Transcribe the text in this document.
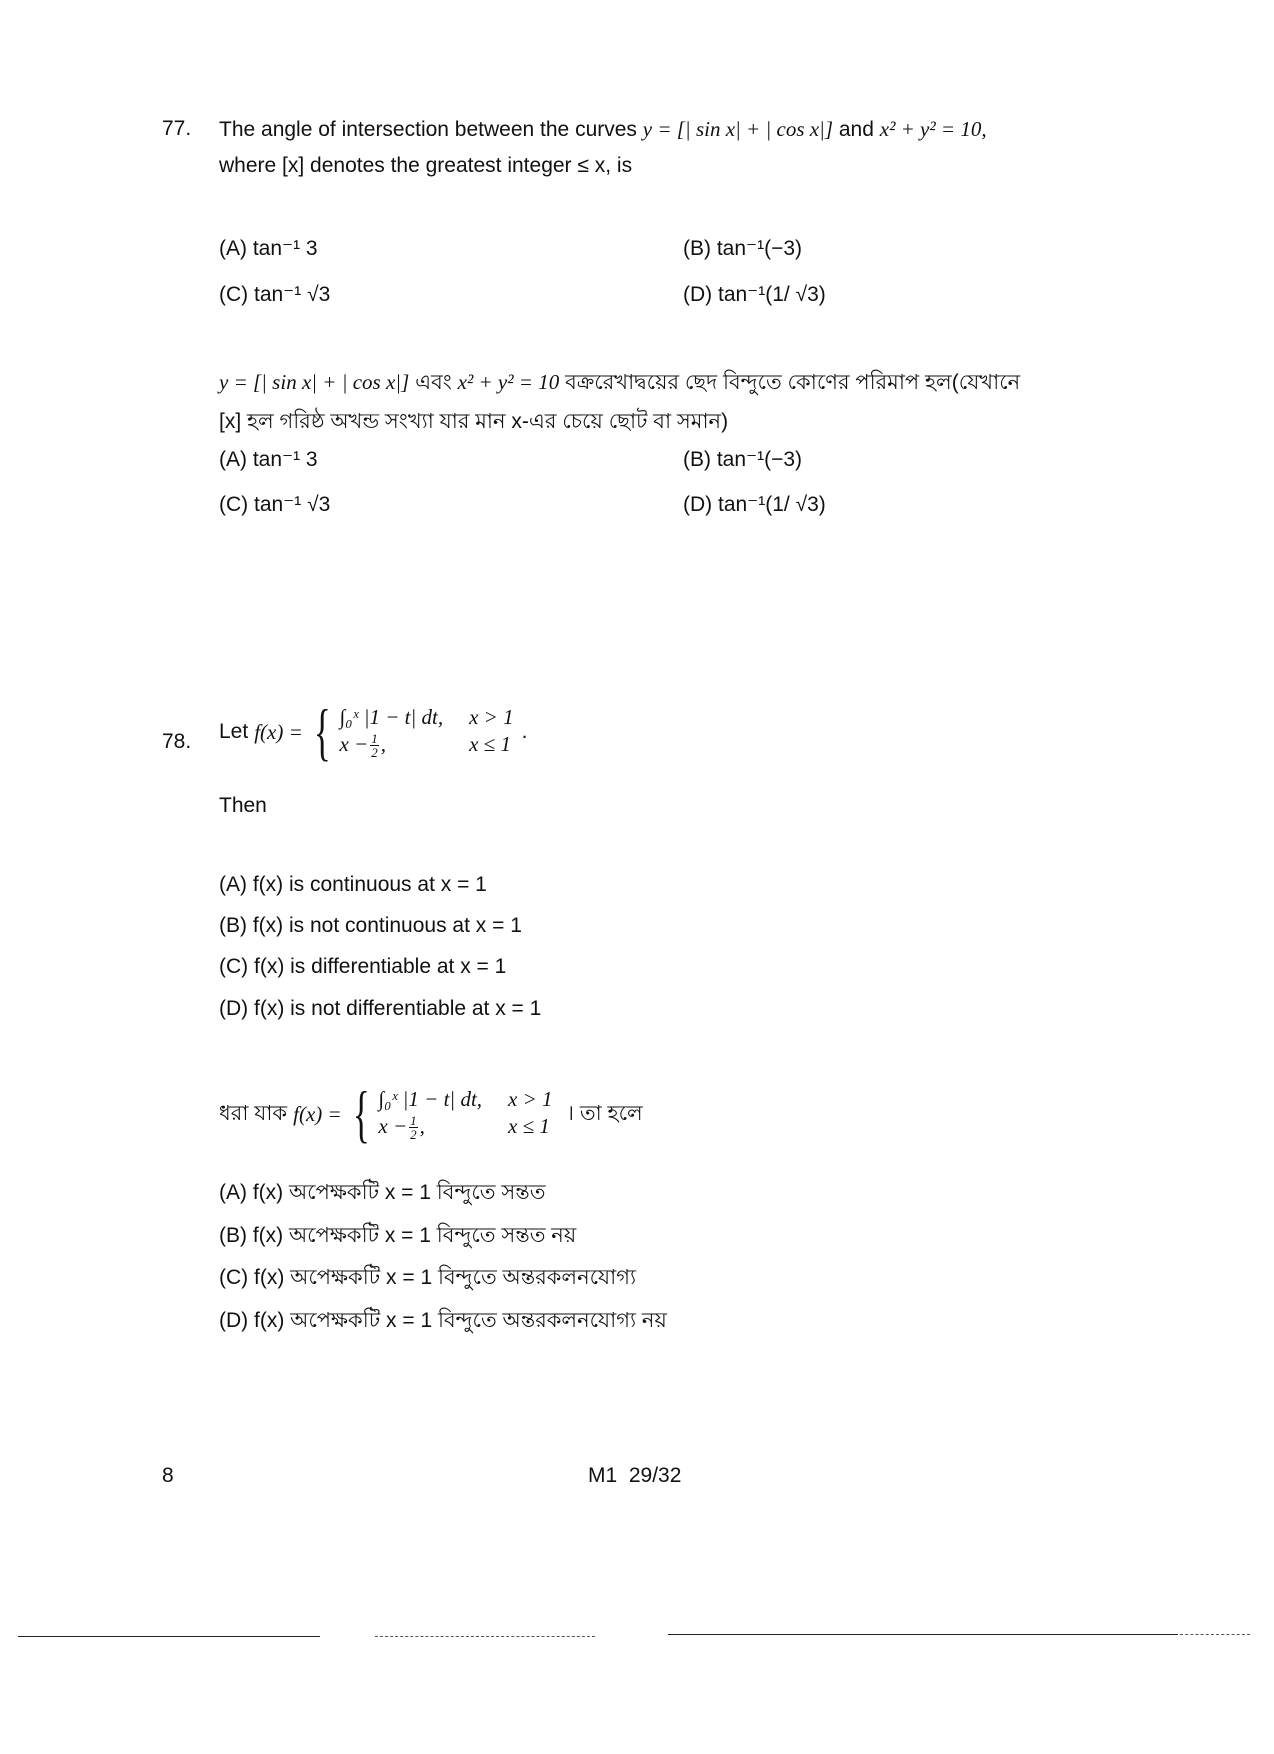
77. The angle of intersection between the curves y = [| sin x| + | cos x|] and x² + y² = 10,
where [x] denotes the greatest integer ≤ x, is
(A) tan⁻¹ 3	(B) tan⁻¹(−3)
(C) tan⁻¹ √3	(D) tan⁻¹(1/ √3)
y = [| sin x| + | cos x|] এবং x² + y² = 10 বক্ররেখাদ্বয়ের ছেদ বিন্দুতে কোণের পরিমাপ হল(যেখানে
[x] হল গরিষ্ঠ অখন্ড সংখ্যা যার মান x-এর চেয়ে ছোট বা সমান)
(A) tan⁻¹ 3	(B) tan⁻¹(−3)
(C) tan⁻¹ √3	(D) tan⁻¹(1/ √3)
78. Let f(x) = { ∫₀ˣ |1 − t| dt, x > 1
$x - \frac{1}{2}$ ,	x ≤ 1
.
Then
(A) f(x) is continuous at x = 1
(B) f(x) is not continuous at x = 1
(C) f(x) is differentiable at x = 1
(D) f(x) is not differentiable at x = 1
ধরা যাক f(x) = { ∫₀ˣ |1 − t| dt, x > 1
$x - \frac{1}{2}$ ,	x ≤ 1
। তা হলে
(A) f(x) অপেক্ষকটি x = 1 বিন্দুতে সন্তত
(B) f(x) অপেক্ষকটি x = 1 বিন্দুতে সন্তত নয়
(C) f(x) অপেক্ষকটি x = 1 বিন্দুতে অন্তরকলনযোগ্য
(D) f(x) অপেক্ষকটি x = 1 বিন্দুতে অন্তরকলনযোগ্য নয়
8	M1 29/32
